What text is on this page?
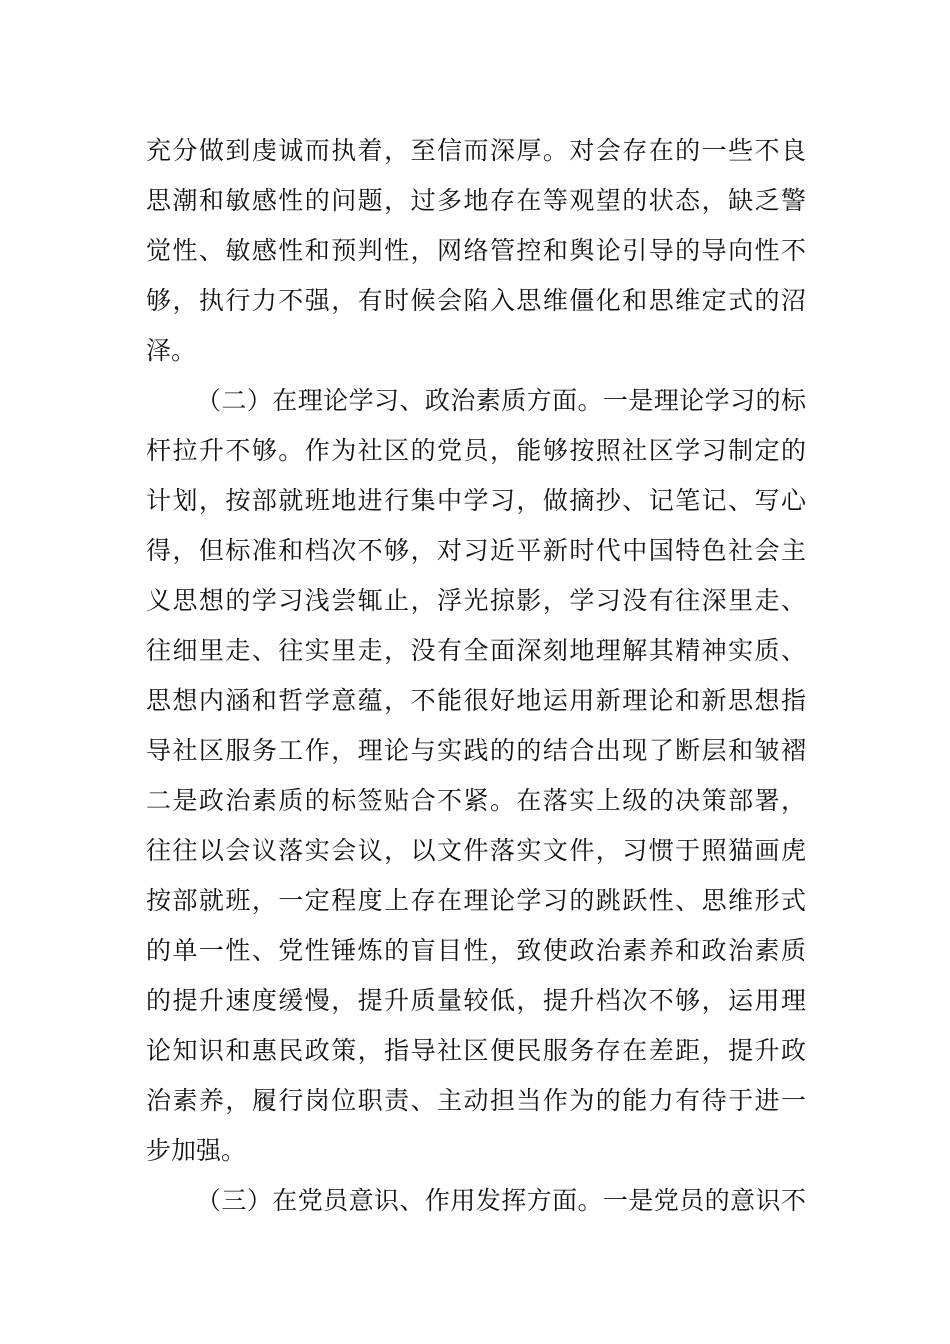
充分做到虔诚而执着，至信而深厚。对会存在的一些不良
思潮和敏感性的问题，过多地存在等观望的状态，缺乏警
觉性、敏感性和预判性，网络管控和舆论引导的导向性不
够，执行力不强，有时候会陷入思维僵化和思维定式的沼
泽。
（二）在理论学习、政治素质方面。一是理论学习的标
杆拉升不够。作为社区的党员，能够按照社区学习制定的
计划，按部就班地进行集中学习，做摘抄、记笔记、写心
得，但标准和档次不够，对习近平新时代中国特色社会主
义思想的学习浅尝辄止，浮光掠影，学习没有往深里走、
往细里走、往实里走，没有全面深刻地理解其精神实质、
思想内涵和哲学意蕴，不能很好地运用新理论和新思想指
导社区服务工作，理论与实践的的结合出现了断层和皱褶
二是政治素质的标签贴合不紧。在落实上级的决策部署，
往往以会议落实会议，以文件落实文件，习惯于照猫画虎
按部就班，一定程度上存在理论学习的跳跃性、思维形式
的单一性、党性锤炼的盲目性，致使政治素养和政治素质
的提升速度缓慢，提升质量较低，提升档次不够，运用理
论知识和惠民政策，指导社区便民服务存在差距，提升政
治素养，履行岗位职责、主动担当作为的能力有待于进一
步加强。
（三）在党员意识、作用发挥方面。一是党员的意识不
